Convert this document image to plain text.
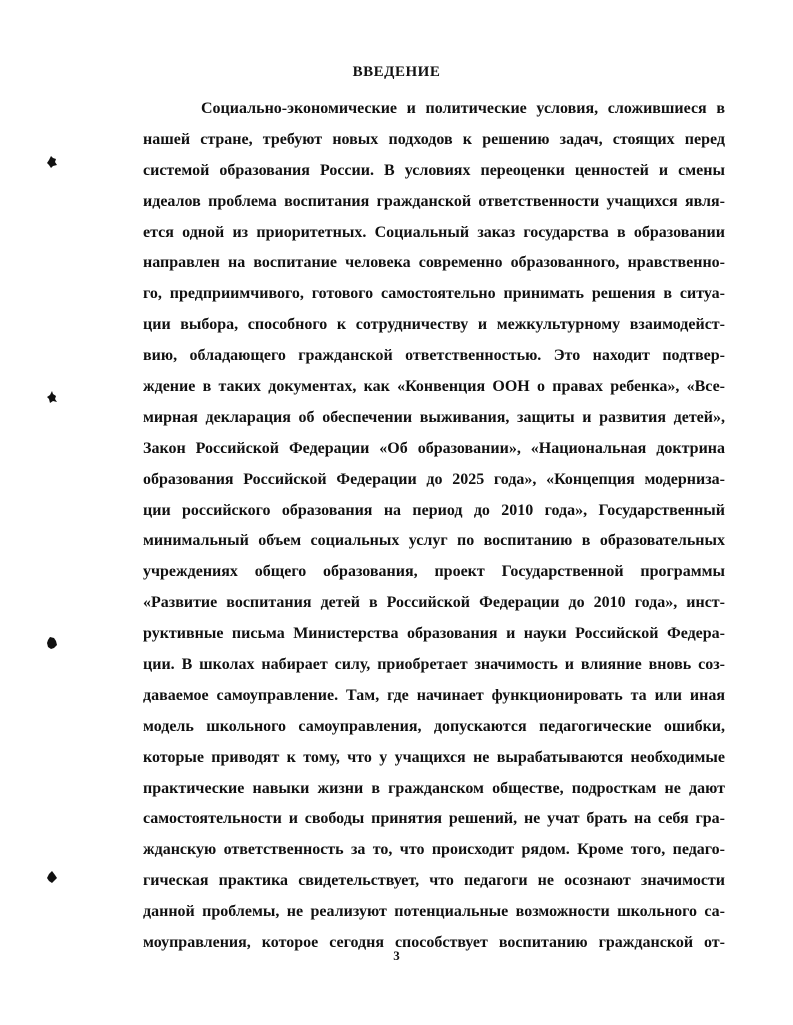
ВВЕДЕНИЕ
Социально-экономические и политические условия, сложившиеся в
нашей стране, требуют новых подходов к решению задач, стоящих перед
системой образования России. В условиях переоценки ценностей и смены
идеалов проблема воспитания гражданской ответственности учащихся явля-
ется одной из приоритетных. Социальный заказ государства в образовании
направлен на воспитание человека современно образованного, нравственно-
го, предприимчивого, готового самостоятельно принимать решения в ситуа-
ции выбора, способного к сотрудничеству и межкультурному взаимодейст-
вию, обладающего гражданской ответственностью. Это находит подтвер-
ждение в таких документах, как «Конвенция ООН о правах ребенка», «Все-
мирная декларация об обеспечении выживания, защиты и развития детей»,
Закон Российской Федерации «Об образовании», «Национальная доктрина
образования Российской Федерации до 2025 года», «Концепция модерниза-
ции российского образования на период до 2010 года», Государственный
минимальный объем социальных услуг по воспитанию в образовательных
учреждениях общего образования, проект Государственной программы
«Развитие воспитания детей в Российской Федерации до 2010 года», инст-
руктивные письма Министерства образования и науки Российской Федера-
ции. В школах набирает силу, приобретает значимость и влияние вновь соз-
даваемое самоуправление. Там, где начинает функционировать та или иная
модель школьного самоуправления, допускаются педагогические ошибки,
которые приводят к тому, что у учащихся не вырабатываются необходимые
практические навыки жизни в гражданском обществе, подросткам не дают
самостоятельности и свободы принятия решений, не учат брать на себя гра-
жданскую ответственность за то, что происходит рядом. Кроме того, педаго-
гическая практика свидетельствует, что педагоги не осознают значимости
данной проблемы, не реализуют потенциальные возможности школьного са-
моуправления, которое сегодня способствует воспитанию гражданской от-
3
